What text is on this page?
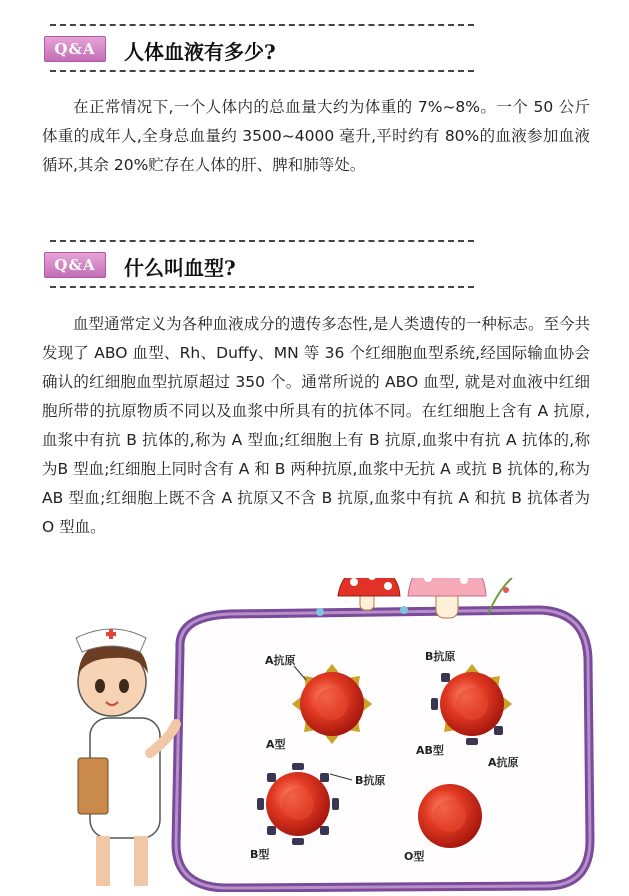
Q&A	人体血液有多少?

在正常情况下,一个人体内的总血量大约为体重的 7%~8%。一个 50 公斤体重的成年人,全身总血量约 3500~4000 毫升,平时约有 80%的血液参加血液循环,其余 20%贮存在人体的肝、脾和肺等处。

Q&A	什么叫血型?

血型通常定义为各种血液成分的遗传多态性,是人类遗传的一种标志。至今共发现了 ABO 血型、Rh、Duffy、MN 等 36 个红细胞血型系统,经国际输血协会确认的红细胞血型抗原超过 350 个。通常所说的 ABO 血型, 就是对血液中红细胞所带的抗原物质不同以及血浆中所具有的抗体不同。在红细胞上含有 A 抗原,血浆中有抗 B 抗体的,称为 A 型血;红细胞上有 B 抗原,血浆中有抗 A 抗体的,称为B 型血;红细胞上同时含有 A 和 B 两种抗原,血浆中无抗 A 或抗 B 抗体的,称为 AB 型血;红细胞上既不含 A 抗原又不含 B 抗原,血浆中有抗 A 和抗 B 抗体者为 O 型血。

A抗原	B抗原
A型	AB型
A抗原
B抗原
B型	O型
